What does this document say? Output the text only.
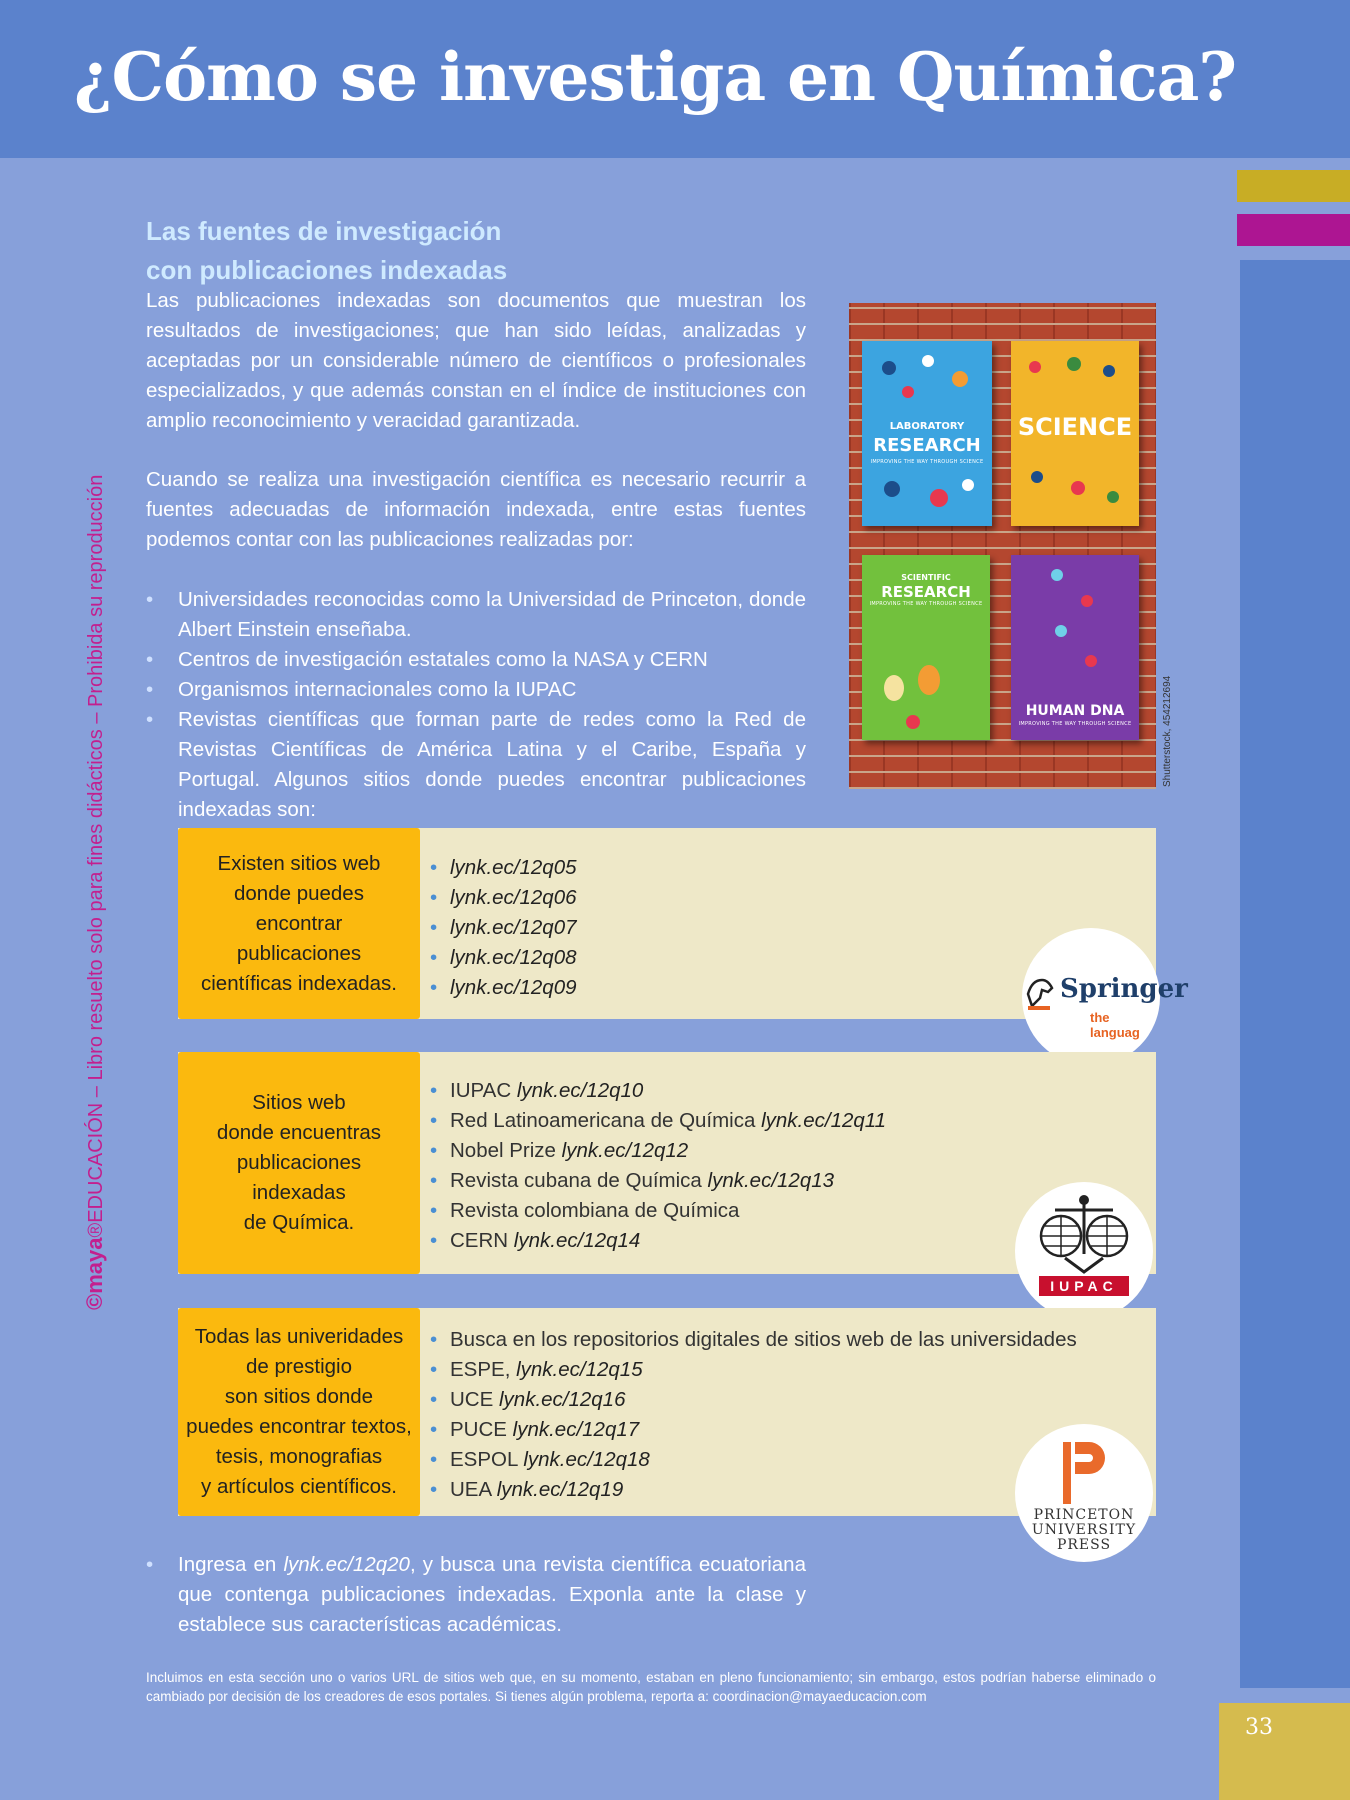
¿Cómo se investiga en Química?
©maya®EDUCACIÓN – Libro resuelto solo para fines didácticos – Prohibida su reproducción
Las fuentes de investigación
con publicaciones indexadas

Las publicaciones indexadas son documentos que muestran los resultados de investigaciones; que han sido leídas, analizadas y aceptadas por un considerable número de científicos o profesionales especializados, y que además constan en el índice de instituciones con amplio reconocimiento y veracidad garantizada.

Cuando se realiza una investigación científica es necesario recurrir a fuentes adecuadas de información indexada, entre estas fuentes podemos contar con las publicaciones realizadas por:

• Universidades reconocidas como la Universidad de Princeton, donde Albert Einstein enseñaba.
• Centros de investigación estatales como la NASA y CERN
• Organismos internacionales como la IUPAC
• Revistas científicas que forman parte de redes como la Red de Revistas Científicas de América Latina y el Caribe, España y Portugal. Algunos sitios donde puedes encontrar publicaciones indexadas son:
LABORATORY
RESEARCH
IMPROVING THE WAY THROUGH SCIENCE
SCIENCE
SCIENTIFIC
RESEARCH
IMPROVING THE WAY THROUGH SCIENCE
HUMAN DNA
IMPROVING THE WAY THROUGH SCIENCE	Shutterstock, 454212694
Existen sitios web
donde puedes
encontrar
publicaciones
científicas indexadas.
• lynk.ec/12q05
• lynk.ec/12q06
• lynk.ec/12q07
• lynk.ec/12q08
• lynk.ec/12q09	Springer
the languag
Sitios web
donde encuentras
publicaciones
indexadas
de Química.
• IUPAC lynk.ec/12q10
• Red Latinoamericana de Química lynk.ec/12q11
• Nobel Prize lynk.ec/12q12
• Revista cubana de Química lynk.ec/12q13
• Revista colombiana de Química
• CERN lynk.ec/12q14
IUPAC
Todas las univeridades
de prestigio
son sitios donde
puedes encontrar textos,
tesis, monografias
y artículos científicos.
• Busca en los repositorios digitales de sitios web de las universidades
• ESPE, lynk.ec/12q15
• UCE lynk.ec/12q16
• PUCE lynk.ec/12q17
• ESPOL lynk.ec/12q18
• UEA lynk.ec/12q19
PRINCETON UNIVERSITY PRESS
• Ingresa en lynk.ec/12q20, y busca una revista científica ecuatoriana que contenga publicaciones indexadas. Exponla ante la clase y establece sus características académicas.

Incluimos en esta sección uno o varios URL de sitios web que, en su momento, estaban en pleno funcionamiento; sin embargo, estos podrían haberse eliminado o cambiado por decisión de los creadores de esos portales. Si tienes algún problema, reporta a: coordinacion@mayaeducacion.com

33
